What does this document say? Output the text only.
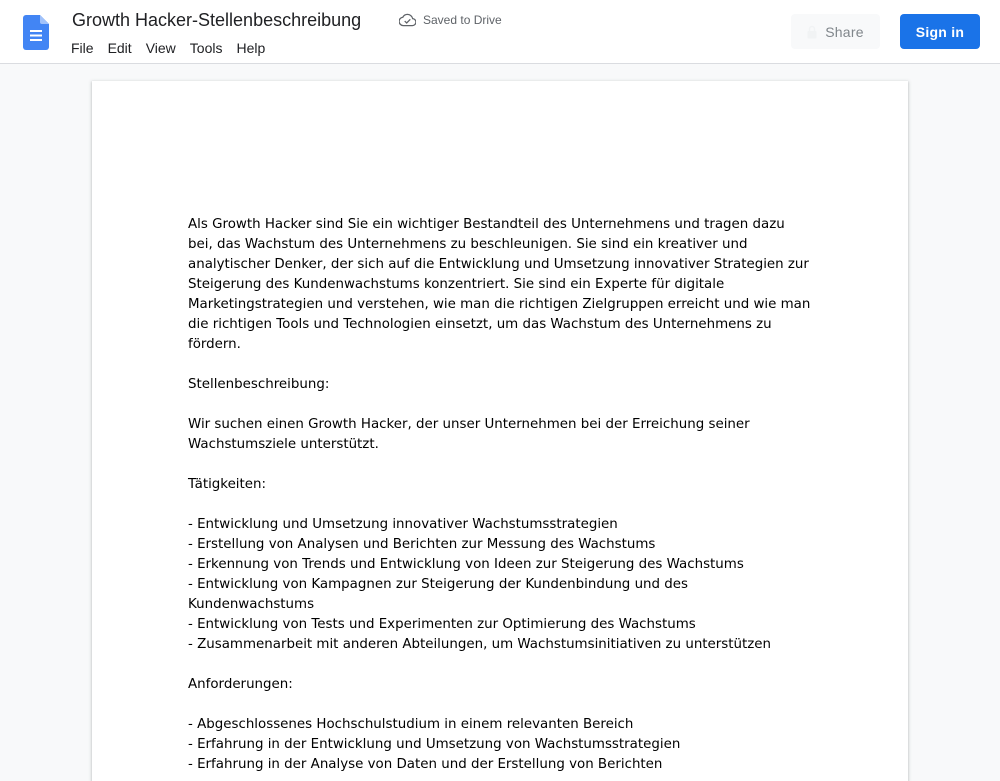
Growth Hacker-Stellenbeschreibung	Saved to Drive
File	Edit	View	Tools	Help
Share	Sign in

Als Growth Hacker sind Sie ein wichtiger Bestandteil des Unternehmens und tragen dazu bei, das Wachstum des Unternehmens zu beschleunigen. Sie sind ein kreativer und analytischer Denker, der sich auf die Entwicklung und Umsetzung innovativer Strategien zur Steigerung des Kundenwachstums konzentriert. Sie sind ein Experte für digitale Marketingstrategien und verstehen, wie man die richtigen Zielgruppen erreicht und wie man die richtigen Tools und Technologien einsetzt, um das Wachstum des Unternehmens zu fördern.

Stellenbeschreibung:

Wir suchen einen Growth Hacker, der unser Unternehmen bei der Erreichung seiner Wachstumsziele unterstützt.

Tätigkeiten:

- Entwicklung und Umsetzung innovativer Wachstumsstrategien

- Erstellung von Analysen und Berichten zur Messung des Wachstums

- Erkennung von Trends und Entwicklung von Ideen zur Steigerung des Wachstums

- Entwicklung von Kampagnen zur Steigerung der Kundenbindung und des Kundenwachstums

- Entwicklung von Tests und Experimenten zur Optimierung des Wachstums

- Zusammenarbeit mit anderen Abteilungen, um Wachstumsinitiativen zu unterstützen

Anforderungen:

- Abgeschlossenes Hochschulstudium in einem relevanten Bereich

- Erfahrung in der Entwicklung und Umsetzung von Wachstumsstrategien

- Erfahrung in der Analyse von Daten und der Erstellung von Berichten
